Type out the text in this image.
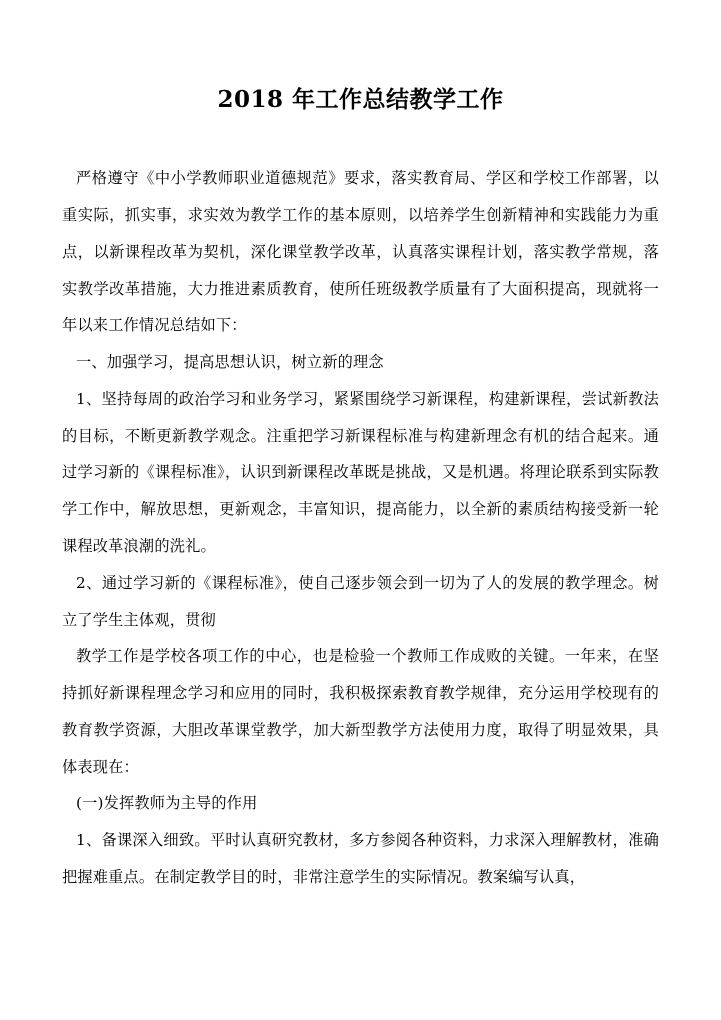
2018 年工作总结教学工作

严格遵守《中小学教师职业道德规范》要求，落实教育局、学区和学校工作部署，以重实际，抓实事，求实效为教学工作的基本原则，以培养学生创新精神和实践能力为重点，以新课程改革为契机，深化课堂教学改革，认真落实课程计划，落实教学常规，落实教学改革措施，大力推进素质教育，使所任班级教学质量有了大面积提高，现就将一年以来工作情况总结如下：

一、加强学习，提高思想认识，树立新的理念

1、坚持每周的政治学习和业务学习，紧紧围绕学习新课程，构建新课程，尝试新教法的目标，不断更新教学观念。注重把学习新课程标准与构建新理念有机的结合起来。通过学习新的《课程标准》，认识到新课程改革既是挑战，又是机遇。将理论联系到实际教学工作中，解放思想，更新观念，丰富知识，提高能力，以全新的素质结构接受新一轮课程改革浪潮的洗礼。

2、通过学习新的《课程标准》，使自己逐步领会到一切为了人的发展的教学理念。树立了学生主体观，贯彻

教学工作是学校各项工作的中心，也是检验一个教师工作成败的关键。一年来，在坚持抓好新课程理念学习和应用的同时，我积极探索教育教学规律，充分运用学校现有的教育教学资源，大胆改革课堂教学，加大新型教学方法使用力度，取得了明显效果，具体表现在：

(一)发挥教师为主导的作用

1、备课深入细致。平时认真研究教材，多方参阅各种资料，力求深入理解教材，准确把握难重点。在制定教学目的时，非常注意学生的实际情况。教案编写认真，
